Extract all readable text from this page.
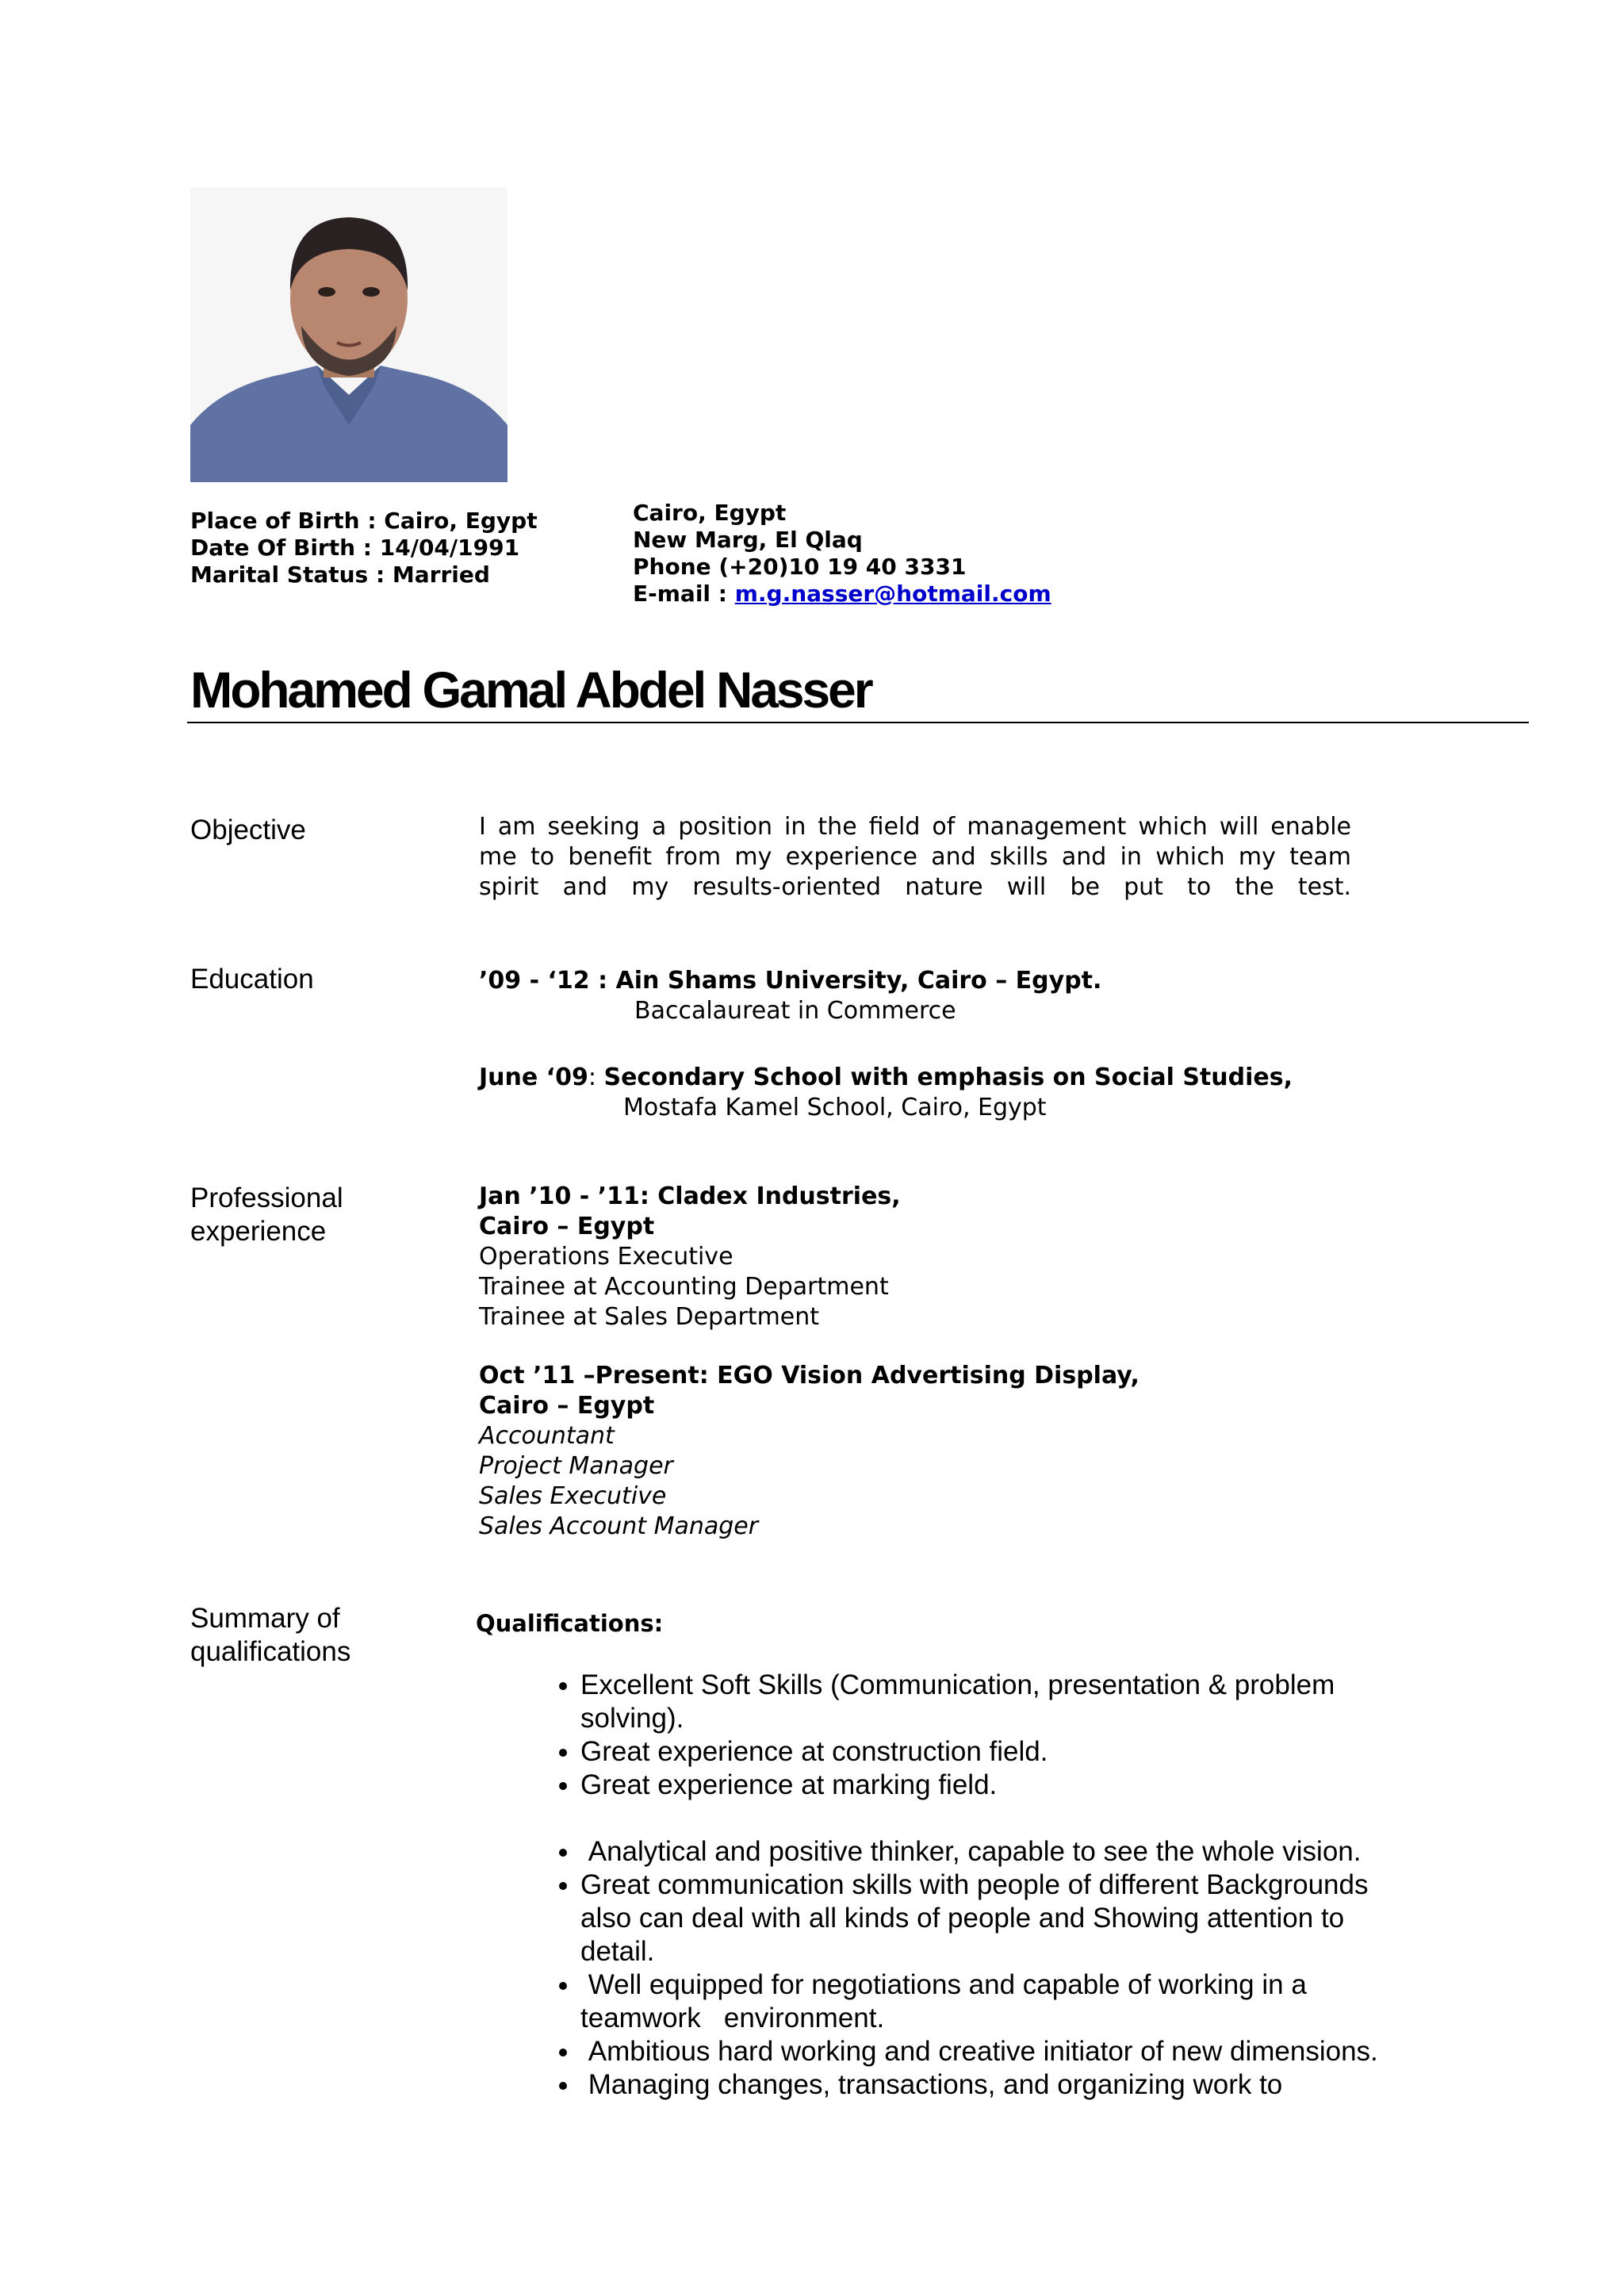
Place of Birth : Cairo, Egypt
Date Of Birth : 14/04/1991
Marital Status : Married
Cairo, Egypt
New Marg, El Qlaq
Phone (+20)10 19 40 3331
E-mail : m.g.nasser@hotmail.com
Mohamed Gamal Abdel Nasser
Objective	I am seeking a position in the field of management which will enable
me to benefit from my experience and skills and in which my team
spirit and my results-oriented nature will be put to the test.
Education	’09 - ‘12 : Ain Shams University, Cairo – Egypt.
Baccalaureat in Commerce
June ‘09: Secondary School with emphasis on Social Studies,
Mostafa Kamel School, Cairo, Egypt
Professional
experience
Jan ’10 - ’11: Cladex Industries,
Cairo – Egypt
Operations Executive
Trainee at Accounting Department
Trainee at Sales Department
Oct ’11 –Present: EGO Vision Advertising Display,
Cairo – Egypt
Accountant
Project Manager
Sales Executive
Sales Account Manager
Summary of
qualifications
Qualifications:
• Excellent Soft Skills (Communication, presentation & problem solving).
• Great experience at construction field.
• Great experience at marking field.
•  Analytical and positive thinker, capable to see the whole vision.
• Great communication skills with people of different Backgrounds also can deal with all kinds of people and Showing attention to detail.
•  Well equipped for negotiations and capable of working in a teamwork   environment.
•  Ambitious hard working and creative initiator of new dimensions.
•  Managing changes, transactions, and organizing work to
